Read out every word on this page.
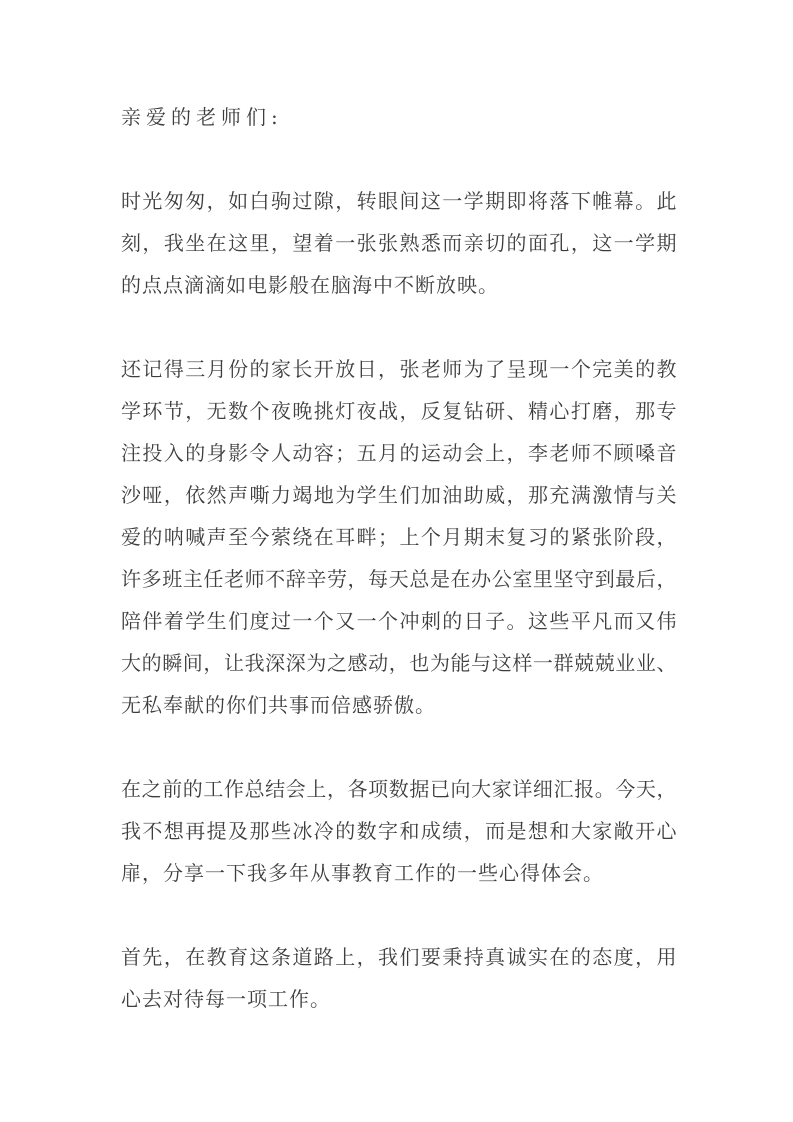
亲爱的老师们:
时光匆匆，如白驹过隙，转眼间这一学期即将落下帷幕。此
刻，我坐在这里，望着一张张熟悉而亲切的面孔，这一学期
的点点滴滴如电影般在脑海中不断放映。
还记得三月份的家长开放日，张老师为了呈现一个完美的教
学环节，无数个夜晚挑灯夜战，反复钻研、精心打磨，那专
注投入的身影令人动容；五月的运动会上，李老师不顾嗓音
沙哑，依然声嘶力竭地为学生们加油助威，那充满激情与关
爱的呐喊声至今萦绕在耳畔；上个月期末复习的紧张阶段，
许多班主任老师不辞辛劳，每天总是在办公室里坚守到最后，
陪伴着学生们度过一个又一个冲刺的日子。这些平凡而又伟
大的瞬间，让我深深为之感动，也为能与这样一群兢兢业业、
无私奉献的你们共事而倍感骄傲。
在之前的工作总结会上，各项数据已向大家详细汇报。今天，
我不想再提及那些冰冷的数字和成绩，而是想和大家敞开心
扉，分享一下我多年从事教育工作的一些心得体会。
首先，在教育这条道路上，我们要秉持真诚实在的态度，用
心去对待每一项工作。
